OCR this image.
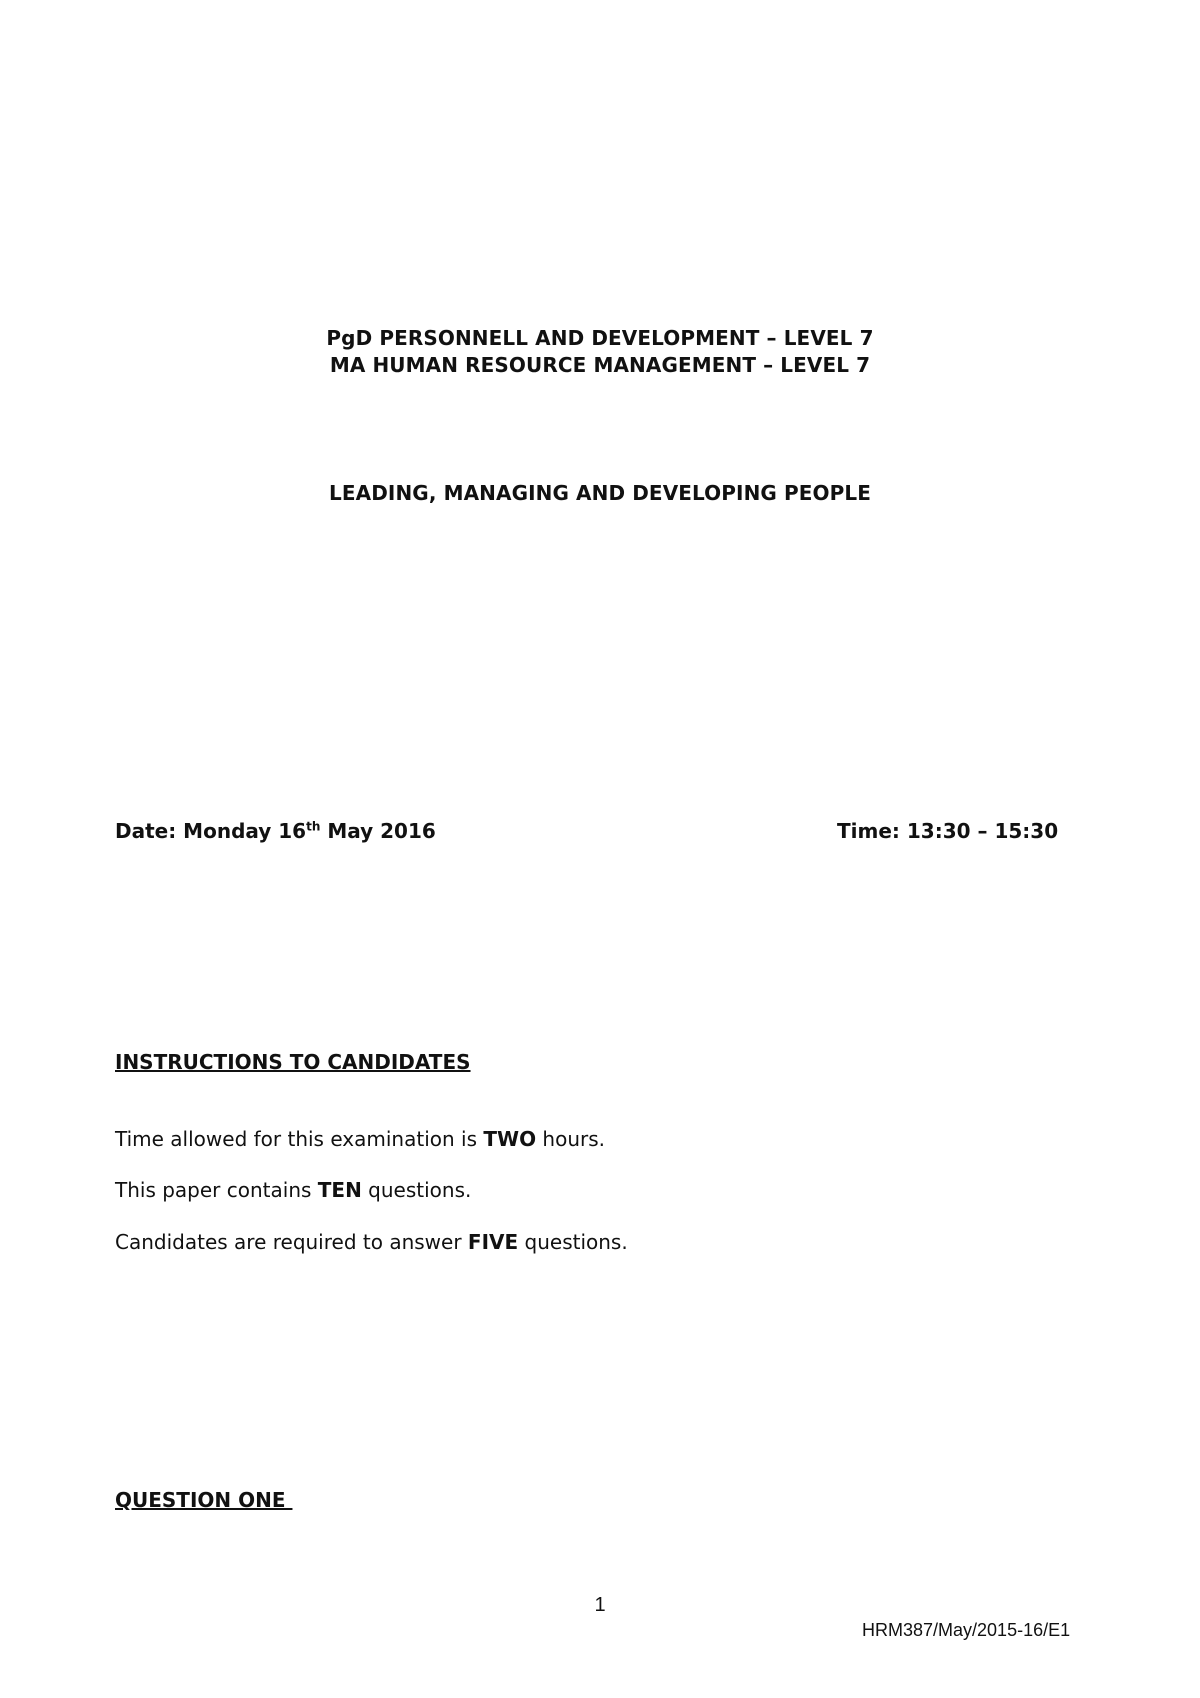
PgD PERSONNELL AND DEVELOPMENT – LEVEL 7
MA HUMAN RESOURCE MANAGEMENT – LEVEL 7
LEADING, MANAGING AND DEVELOPING PEOPLE
Date: Monday 16th May 2016	Time: 13:30 – 15:30
INSTRUCTIONS TO CANDIDATES
Time allowed for this examination is TWO hours.
This paper contains TEN questions.
Candidates are required to answer FIVE questions.
QUESTION ONE
1
HRM387/May/2015-16/E1
